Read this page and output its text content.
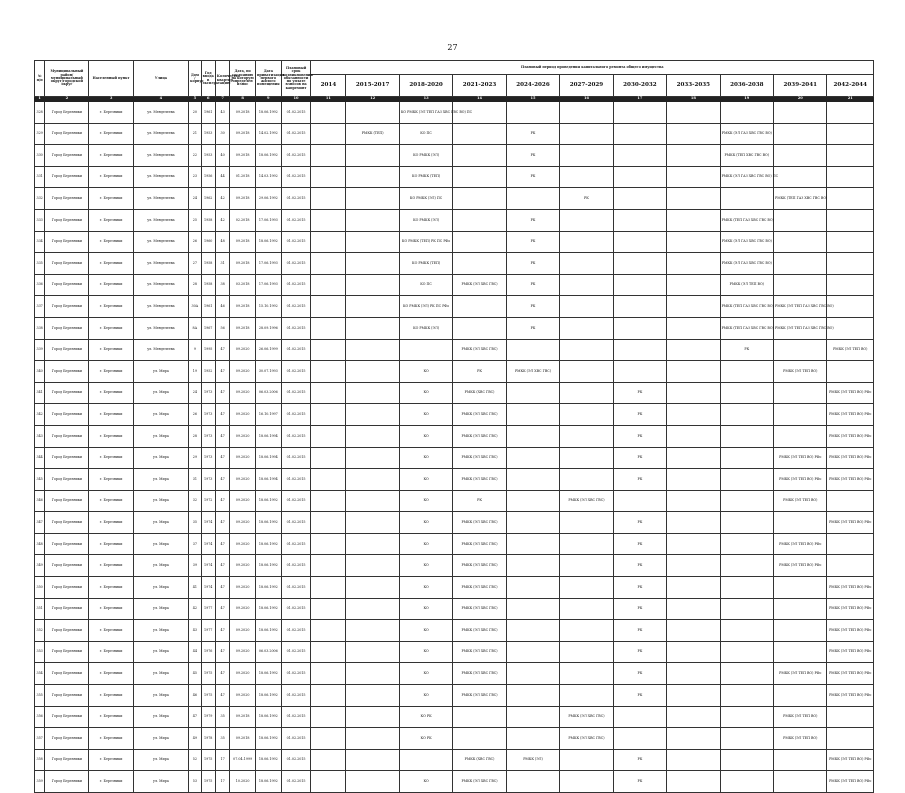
27
№ п/п	Муниципальный район/муниципальный округ/городской округ	Населенный пункт	Улица	Дом / корпус	Год ввода в эксплуатацию	Количество квартир	Дата, по состоянию на которую определен износ	Дата приватизации первого жилого помещения	Плановый срок возникновения обязанности по уплате взносов на капремонт	Плановый период проведения капитального ремонта общего имущества										
										2014	2015-2017	2018-2020	2021-2023	2024-2026	2027-2029	2030-2032	2033-2035	2036-2038	2039-2041	2042-2044
1	2	3	4	5	6	7	8	9	10	11	12	13	14	15	16	17	18	19	20	21
328	Город Березники	г. Березники	ул. Мендeлеева	20	1961	43	09.2018	18.06.1992	01.02.2015			КО РМКК (ЭЛ ТЕП ГАЗ ХВС ГВС ВО) ПС								
329	Город Березники	г. Березники	ул. Менделеева	21	1953	30	09.2018	14.02.1992	01.02.2015		РМКК (ТЕП)	КО ПС		РК				РМКК (ЭЛ ГАЗ ХВС ГВС ВО)		
330	Город Березники	г. Березники	ул. Менделеева	22	1953	40	09.2018	18.06.1992	01.02.2015			КО РМКК (ЭЛ)		РК				РМКК (ТЕП ХВС ГВС ВО)		
331	Город Березники	г. Березники	ул. Менделеева	23	1956	44	01.2018	14.03.1992	01.02.2015			КО РМКК (ТЕП)		РК				РМКК (ЭЛ ГАЗ ХВС ГВС ВО) ПС		
332	Город Березники	г. Березники	ул. Менделеева	24	1962	42	09.2018	29.06.1992	01.02.2015			КО РМКК (ЭЛ) ПС			РК				РМКК (ТЕП ГАЗ ХВС ГВС ВО)	
333	Город Березники	г. Березники	ул. Менделеева	25	1958	42	02.2018	17.06.1993	01.02.2015			КО РМКК (ЭЛ)		РК				РМКК (ТЕП ГАЗ ХВС ГВС ВО)		
334	Город Березники	г. Березники	ул. Менделеева	26	1960	48	09.2018	18.06.1992	01.02.2015			КО РМКК (ТЕП) РК ПС РФо		РК				РМКК (ЭЛ ГАЗ ХВС ГВС ВО)		
335	Город Березники	г. Березники	ул. Менделеева	27	1958	31	09.2018	17.06.1993	01.02.2015			КО РМКК (ТЕП)		РК				РМКК (ЭЛ ГАЗ ХВС ГВС ВО)		
336	Город Березники	г. Березники	ул. Менделеева	28	1958	38	03.2018	17.06.1993	01.02.2015			КО ПС	РМКК (ЭЛ ХВС ГВС)	РК				РМКК (ЭЛ ТЕП ВО)		
337	Город Березники	г. Березники	ул. Менделеева	30А	1961	46	09.2018	15.10.1992	01.02.2015			КО РМКК (ЭЛ) РК ПС РФо		РК				РМКК (ТЕП ГАЗ ХВС ГВС ВО)	РМКК (ЭЛ ТЕП ГАЗ ХВС ГВС ВО)	
338	Город Березники	г. Березники	ул. Менделеева	8А	1967	56	09.2018	28.09.1996	01.02.2015			КО РМКК (ЭЛ)		РК				РМКК (ТЕП ГАЗ ХВС ГВС ВО)	РМКК (ЭЛ ТЕП ГАЗ ХВС ГВС ВО)	
339	Город Березники	г. Березники	ул. Менделеева	9	1995	47	09.2020	26.06.1999	01.02.2015				РМКК (ЭЛ ХВС ГВС)					РК		РМКК (ЭЛ ТЕП ВО)
340	Город Березники	г. Березники	ул. Мира	19	1952	47	09.2020	30.07.1993	01.02.2015			КО	РК	РМКК (ЭЛ ХВС ГВС)					РМКК (ЭЛ ТЕП ВО)	
341	Город Березники	г. Березники	ул. Мира	24	1973	47	09.2020	06.03.2006	01.02.2015			КО	РМКК (ХВС ГВС)			РК				РМКК (ЭЛ ТЕП ВО) РФо
342	Город Березники	г. Березники	ул. Мира	26	1973	47	09.2020	16.10.1997	01.02.2015			КО	РМКК (ЭЛ ХВС ГВС)			РК				РМКК (ЭЛ ТЕП ВО) РФо
343	Город Березники	г. Березники	ул. Мира	28	1973	47	09.2020	18.06.1994	01.02.2015			КО	РМКК (ЭЛ ХВС ГВС)			РК				РМКК (ЭЛ ТЕП ВО) РФо
344	Город Березники	г. Березники	ул. Мира	29	1973	47	09.2020	18.06.1994	01.02.2015			КО	РМКК (ЭЛ ХВС ГВС)			РК			РМКК (ЭЛ ТЕП ВО) РФо	РМКК (ЭЛ ТЕП ВО) РФо
345	Город Березники	г. Березники	ул. Мира	31	1973	47	09.2020	18.06.1994	01.02.2015			КО	РМКК (ЭЛ ХВС ГВС)			РК			РМКК (ЭЛ ТЕП ВО) РФо	РМКК (ЭЛ ТЕП ВО) РФо
346	Город Березники	г. Березники	ул. Мира	32	1972	47	09.2020	18.06.1992	01.02.2015			КО	РК		РМКК (ЭЛ ХВС ГВС)				РМКК (ЭЛ ТЕП ВО)	
347	Город Березники	г. Березники	ул. Мира	35	1974	47	09.2020	18.06.1992	01.02.2015			КО	РМКК (ЭЛ ХВС ГВС)			РК				РМКК (ЭЛ ТЕП ВО) РФо
348	Город Березники	г. Березники	ул. Мира	37	1974	47	09.2020	18.06.1992	01.02.2015			КО	РМКК (ЭЛ ХВС ГВС)			РК			РМКК (ЭЛ ТЕП ВО) РФо	
349	Город Березники	г. Березники	ул. Мира	39	1974	47	09.2020	18.06.1992	01.02.2015			КО	РМКК (ЭЛ ХВС ГВС)			РК			РМКК (ЭЛ ТЕП ВО) РФо	
350	Город Березники	г. Березники	ул. Мира	41	1974	47	09.2020	18.06.1992	01.02.2015			КО	РМКК (ЭЛ ХВС ГВС)			РК				РМКК (ЭЛ ТЕП ВО) РФо
351	Город Березники	г. Березники	ул. Мира	42	1977	47	09.2020	18.06.1992	01.02.2015			КО	РМКК (ЭЛ ХВС ГВС)			РК				РМКК (ЭЛ ТЕП ВО) РФо
352	Город Березники	г. Березники	ул. Мира	43	1977	47	09.2020	18.06.1992	01.02.2015			КО	РМКК (ЭЛ ХВС ГВС)			РК				РМКК (ЭЛ ТЕП ВО) РФо
353	Город Березники	г. Березники	ул. Мира	44	1976	47	09.2020	06.03.2006	01.02.2015			КО	РМКК (ЭЛ ХВС ГВС)			РК				РМКК (ЭЛ ТЕП ВО) РФо
354	Город Березники	г. Березники	ул. Мира	45	1975	47	09.2020	18.06.1992	01.02.2015			КО	РМКК (ЭЛ ХВС ГВС)			РК			РМКК (ЭЛ ТЕП ВО) РФо	РМКК (ЭЛ ТЕП ВО) РФо
355	Город Березники	г. Березники	ул. Мира	46	1975	47	09.2020	18.06.1992	01.02.2015			КО	РМКК (ЭЛ ХВС ГВС)			РК				РМКК (ЭЛ ТЕП ВО) РФо
356	Город Березники	г. Березники	ул. Мира	47	1979	35	09.2018	18.06.1992	01.02.2015			КО РК			РМКК (ЭЛ ХВС ГВС)				РМКК (ЭЛ ТЕП ВО)	
357	Город Березники	г. Березники	ул. Мира	49	1978	35	09.2018	18.06.1992	01.02.2015			КО РК			РМКК (ЭЛ ХВС ГВС)				РМКК (ЭЛ ТЕП ВО)	
358	Город Березники	г. Березники	ул. Мира	52	1975	17	07.04.1999	18.06.1992	01.02.2015				РМКК (ХВС ГВС)	РМКК (ЭЛ)		РК				РМКК (ЭЛ ТЕП ВО) РФо
359	Город Березники	г. Березники	ул. Мира	53	1975	17	10.2020	18.06.1992	01.02.2015			КО	РМКК (ЭЛ ХВС ГВС)			РК				РМКК (ЭЛ ТЕП ВО) РФо
